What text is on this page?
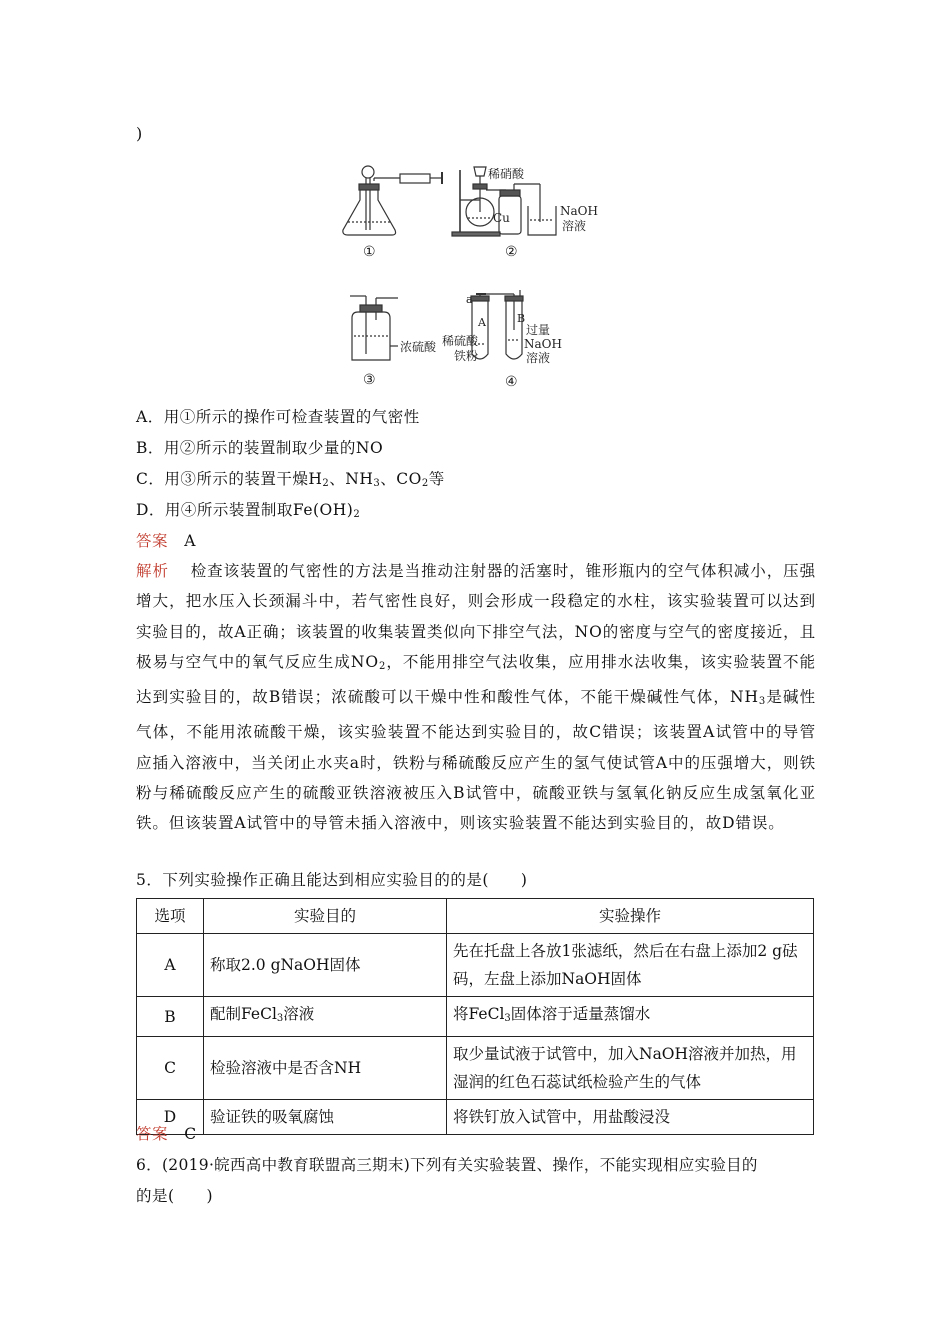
)
①
稀硝酸
Cu	NaOH
溶液
②
浓硫酸
③
a
A	B
稀硫酸
铁粉
过量
NaOH
溶液
④
A．用①所示的操作可检查装置的气密性
B．用②所示的装置制取少量的NO
C．用③所示的装置干燥$H_2$、$NH_3$、$CO_2$等
D．用④所示装置制取$Fe(OH)_2$
答案 A
解析 检查该装置的气密性的方法是当推动注射器的活塞时，锥形瓶内的空气体积减小，压强增大，把水压入长颈漏斗中，若气密性良好，则会形成一段稳定的水柱，该实验装置可以达到实验目的，故A正确；该装置的收集装置类似向下排空气法，NO的密度与空气的密度接近，且极易与空气中的氧气反应生成$NO_2$，不能用排空气法收集，应用排水法收集，该实验装置不能达到实验目的，故B错误；浓硫酸可以干燥中性和酸性气体，不能干燥碱性气体，$NH_3$是碱性气体，不能用浓硫酸干燥，该实验装置不能达到实验目的，故C错误；该装置A试管中的导管应插入溶液中，当关闭止水夹a时，铁粉与稀硫酸反应产生的氢气使试管A中的压强增大，则铁粉与稀硫酸反应产生的硫酸亚铁溶液被压入B试管中，硫酸亚铁与氢氧化钠反应生成氢氧化亚铁。但该装置A试管中的导管未插入溶液中，则该实验装置不能达到实验目的，故D错误。
5．下列实验操作正确且能达到相应实验目的的是(　　)
选项	实验目的	实验操作
A	称取2.0 gNaOH固体	先在托盘上各放1张滤纸，然后在右盘上添加2 g砝码，左盘上添加NaOH固体
B	配制FeCl$_3$溶液	将FeCl$_3$固体溶于适量蒸馏水
C	检验溶液中是否含NH	取少量试液于试管中，加入NaOH溶液并加热，用湿润的红色石蕊试纸检验产生的气体
D	验证铁的吸氧腐蚀	将铁钉放入试管中，用盐酸浸没
答案 C
6．(2019·皖西高中教育联盟高三期末)下列有关实验装置、操作，不能实现相应实验目的
的是(　　)
